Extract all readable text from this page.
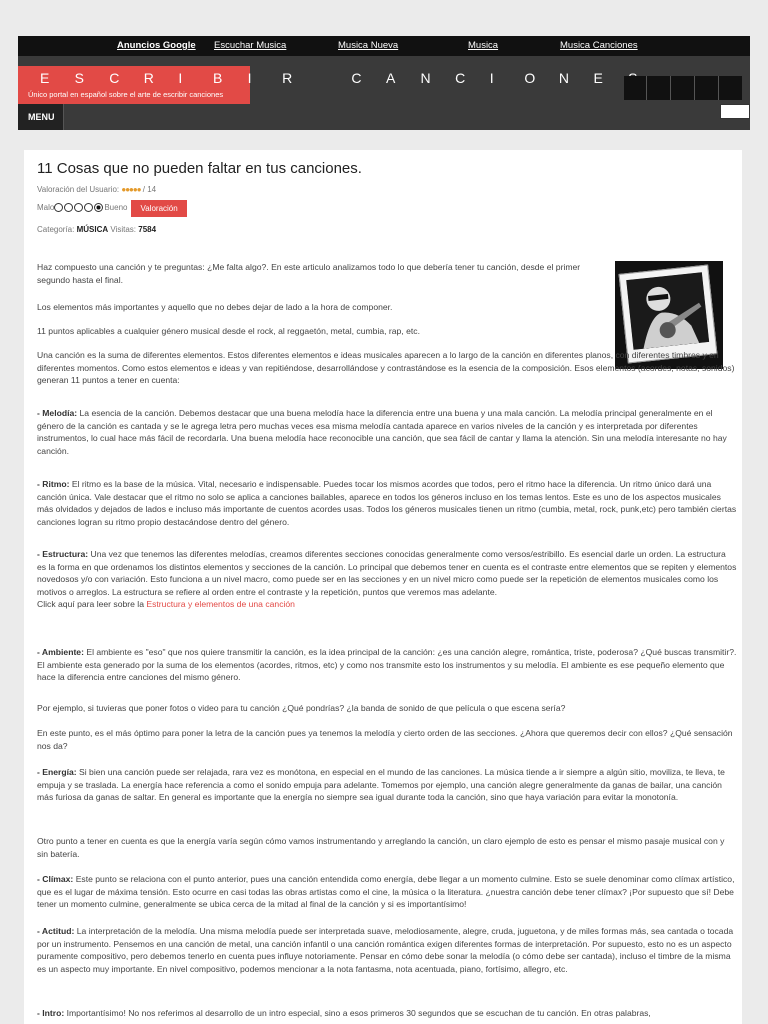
Anuncios Google Escuchar Musica	Musica Nueva	Musica	Musica Canciones
E S C R I B I R	C A N C I O N E
Único portal en español sobre el arte de escribir canciones
MENU
11 Cosas que no pueden faltar en tus canciones.
Valoración del Usuario: ●●●●● / 14
Malo	Bueno Valoración
Categoría: MÚSICA Visitas: 7584
Haz compuesto una canción y te preguntas: ¿Me falta algo?. En este articulo analizamos todo lo que debería tener tu canción, desde el primer segundo hasta el final.
Los elementos más importantes y aquello que no debes dejar de lado a la hora de componer.
11 puntos aplicables a cualquier género musical desde el rock, al reggaetón, metal, cumbia, rap, etc.
Una canción es la suma de diferentes elementos. Estos diferentes elementos e ideas musicales aparecen a lo largo de la canción en diferentes planos, con diferentes timbres y en diferentes momentos. Como estos elementos e ideas y van repitiéndose, desarrollándose y contrastándose es la esencia de la composición. Esos elementos (acordes, notas, sonidos) generan 11 puntos a tener en cuenta:
- Melodía: La esencia de la canción. Debemos destacar que una buena melodía hace la diferencia entre una buena y una mala canción. La melodía principal generalmente en el género de la canción es cantada y se le agrega letra pero muchas veces esa misma melodía cantada aparece en varios niveles de la canción y es interpretada por diferentes instrumentos, lo cual hace más fácil de recordarla. Una buena melodía hace reconocible una canción, que sea fácil de cantar y llama la atención. Sin una melodía interesante no hay canción.
- Ritmo: El ritmo es la base de la música. Vital, necesario e indispensable. Puedes tocar los mismos acordes que todos, pero el ritmo hace la diferencia. Un ritmo único dará una canción única. Vale destacar que el ritmo no solo se aplica a canciones bailables, aparece en todos los géneros incluso en los temas lentos. Este es uno de los aspectos musicales más olvidados y dejados de lados e incluso más importante de cuentos acordes usas. Todos los géneros musicales tienen un ritmo (cumbia, metal, rock, punk,etc) pero también ciertas canciones logran su ritmo propio destacándose dentro del género.
- Estructura: Una vez que tenemos las diferentes melodías, creamos diferentes secciones conocidas generalmente como versos/estribillo. Es esencial darle un orden. La estructura es la forma en que ordenamos los distintos elementos y secciones de la canción. Lo principal que debemos tener en cuenta es el contraste entre elementos que se repiten y elementos novedosos y/o con variación. Esto funciona a un nivel macro, como puede ser en las secciones y en un nivel micro como puede ser la repetición de elementos musicales como los motivos o arreglos. La estructura se refiere al orden entre el contraste y la repetición, puntos que veremos mas adelante.
Click aquí para leer sobre la Estructura y elementos de una canción
- Ambiente: El ambiente es "eso" que nos quiere transmitir la canción, es la idea principal de la canción: ¿es una canción alegre, romántica, triste, poderosa? ¿Qué buscas transmitir?. El ambiente esta generado por la suma de los elementos (acordes, ritmos, etc) y como nos transmite esto los instrumentos y su melodía. El ambiente es ese pequeño elemento que hace la diferencia entre canciones del mismo género.
Por ejemplo, si tuvieras que poner fotos o video para tu canción ¿Qué pondrías? ¿la banda de sonido de que película o que escena sería?
En este punto, es el más óptimo para poner la letra de la canción pues ya tenemos la melodía y cierto orden de las secciones. ¿Ahora que queremos decir con ellos? ¿Qué sensación nos da?
- Energía: Si bien una canción puede ser relajada, rara vez es monótona, en especial en el mundo de las canciones. La música tiende a ir siempre a algún sitio, moviliza, te lleva, te empuja y se traslada. La energía hace referencia a como el sonido empuja para adelante. Tomemos por ejemplo, una canción alegre generalmente da ganas de bailar, una canción más furiosa da ganas de saltar. En general es importante que la energía no siempre sea igual durante toda la canción, sino que haya variación para evitar la monotonía.
Otro punto a tener en cuenta es que la energía varía según cómo vamos instrumentando y arreglando la canción, un claro ejemplo de esto es pensar el mismo pasaje musical con y sin batería.
- Clímax: Este punto se relaciona con el punto anterior, pues una canción entendida como energía, debe llegar a un momento culmine. Esto se suele denominar como clímax artístico, que es el lugar de máxima tensión. Esto ocurre en casi todas las obras artistas como el cine, la música o la literatura. ¿nuestra canción debe tener clímax? ¡Por supuesto que sí! Debe tener un momento culmine, generalmente se ubica cerca de la mitad al final de la canción y si es importantísimo!
- Actitud: La interpretación de la melodía. Una misma melodía puede ser interpretada suave, melodiosamente, alegre, cruda, juguetona, y de miles formas más, sea cantada o tocada por un instrumento. Pensemos en una canción de metal, una canción infantil o una canción romántica exigen diferentes formas de interpretación. Por supuesto, esto no es un aspecto puramente compositivo, pero debemos tenerlo en cuenta pues influye notoriamente. Pensar en cómo debe sonar la melodía (o cómo debe ser cantada), incluso el timbre de la misma es un aspecto muy importante. En nivel compositivo, podemos mencionar a la nota fantasma, nota acentuada, piano, fortísimo, allegro, etc.
- Intro: Importantísimo! No nos referimos al desarrollo de un intro especial, sino a esos primeros 30 segundos que se escuchan de tu canción. En otras palabras,
